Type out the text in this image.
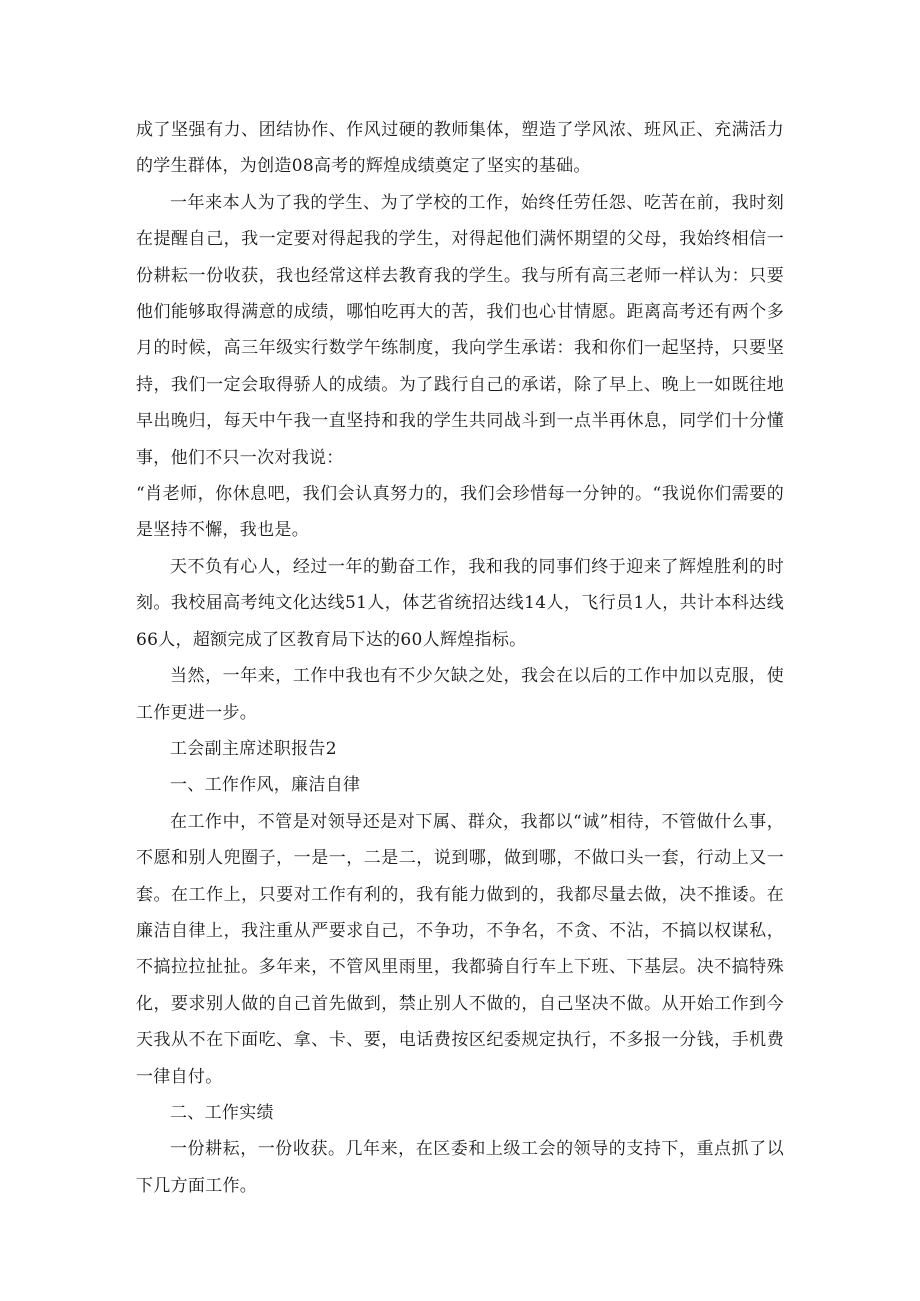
成了坚强有力、团结协作、作风过硬的教师集体，塑造了学风浓、班风正、充满活力的学生群体，为创造08高考的辉煌成绩奠定了坚实的基础。

一年来本人为了我的学生、为了学校的工作，始终任劳任怨、吃苦在前，我时刻在提醒自己，我一定要对得起我的学生，对得起他们满怀期望的父母，我始终相信一份耕耘一份收获，我也经常这样去教育我的学生。我与所有高三老师一样认为：只要他们能够取得满意的成绩，哪怕吃再大的苦，我们也心甘情愿。距离高考还有两个多月的时候，高三年级实行数学午练制度，我向学生承诺：我和你们一起坚持，只要坚持，我们一定会取得骄人的成绩。为了践行自己的承诺，除了早上、晚上一如既往地早出晚归，每天中午我一直坚持和我的学生共同战斗到一点半再休息，同学们十分懂事，他们不只一次对我说：

“肖老师，你休息吧，我们会认真努力的，我们会珍惜每一分钟的。“我说你们需要的是坚持不懈，我也是。

天不负有心人，经过一年的勤奋工作，我和我的同事们终于迎来了辉煌胜利的时刻。我校届高考纯文化达线51人，体艺省统招达线14人，飞行员1人，共计本科达线66人，超额完成了区教育局下达的60人辉煌指标。

当然，一年来，工作中我也有不少欠缺之处，我会在以后的工作中加以克服，使工作更进一步。

工会副主席述职报告2

一、工作作风，廉洁自律

在工作中，不管是对领导还是对下属、群众，我都以“诚”相待，不管做什么事，不愿和别人兜圈子，一是一，二是二，说到哪，做到哪，不做口头一套，行动上又一套。在工作上，只要对工作有利的，我有能力做到的，我都尽量去做，决不推诿。在廉洁自律上，我注重从严要求自己，不争功，不争名，不贪、不沾，不搞以权谋私，不搞拉拉扯扯。多年来，不管风里雨里，我都骑自行车上下班、下基层。决不搞特殊化，要求别人做的自己首先做到，禁止别人不做的，自己坚决不做。从开始工作到今天我从不在下面吃、拿、卡、要，电话费按区纪委规定执行，不多报一分钱，手机费一律自付。

二、工作实绩

一份耕耘，一份收获。几年来，在区委和上级工会的领导的支持下，重点抓了以下几方面工作。
